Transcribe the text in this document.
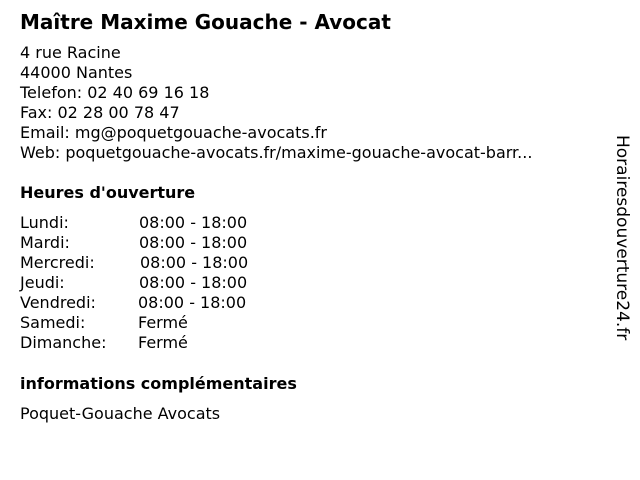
Maître Maxime Gouache - Avocat
4 rue Racine
44000 Nantes
Telefon: 02 40 69 16 18
Fax: 02 28 00 78 47
Email: mg@poquetgouache-avocats.fr
Web: poquetgouache-avocats.fr/maxime-gouache-avocat-barr...
Heures d'ouverture
Lundi:	08:00 - 18:00
Mardi:	08:00 - 18:00
Mercredi:	08:00 - 18:00
Jeudi:	08:00 - 18:00
Vendredi:	08:00 - 18:00
Samedi:	Fermé
Dimanche: Fermé
informations complémentaires
Poquet-Gouache Avocats
Horairesdouverture24.fr
